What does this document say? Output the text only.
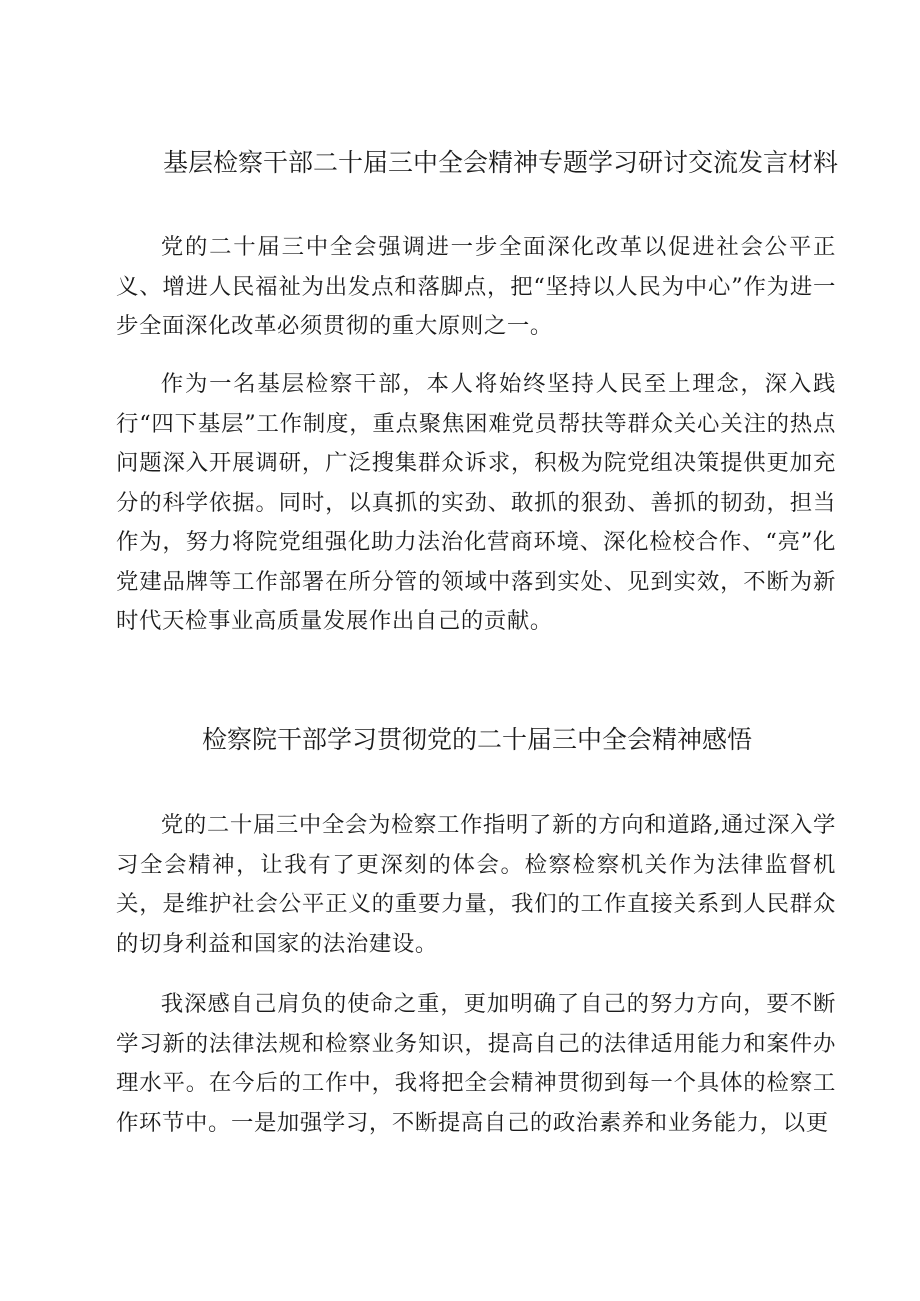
基层检察干部二十届三中全会精神专题学习研讨交流发言材料

党的二十届三中全会强调进一步全面深化改革以促进社会公平正义、增进人民福祉为出发点和落脚点，把“坚持以人民为中心”作为进一步全面深化改革必须贯彻的重大原则之一。

作为一名基层检察干部，本人将始终坚持人民至上理念，深入践行“四下基层”工作制度，重点聚焦困难党员帮扶等群众关心关注的热点问题深入开展调研，广泛搜集群众诉求，积极为院党组决策提供更加充分的科学依据。同时，以真抓的实劲、敢抓的狠劲、善抓的韧劲，担当作为，努力将院党组强化助力法治化营商环境、深化检校合作、“亮”化党建品牌等工作部署在所分管的领域中落到实处、见到实效，不断为新时代天检事业高质量发展作出自己的贡献。

检察院干部学习贯彻党的二十届三中全会精神感悟

党的二十届三中全会为检察工作指明了新的方向和道路,通过深入学习全会精神，让我有了更深刻的体会。检察检察机关作为法律监督机关，是维护社会公平正义的重要力量，我们的工作直接关系到人民群众的切身利益和国家的法治建设。

我深感自己肩负的使命之重，更加明确了自己的努力方向，要不断学习新的法律法规和检察业务知识，提高自己的法律适用能力和案件办理水平。在今后的工作中，我将把全会精神贯彻到每一个具体的检察工作环节中。一是加强学习，不断提高自己的政治素养和业务能力，以更
